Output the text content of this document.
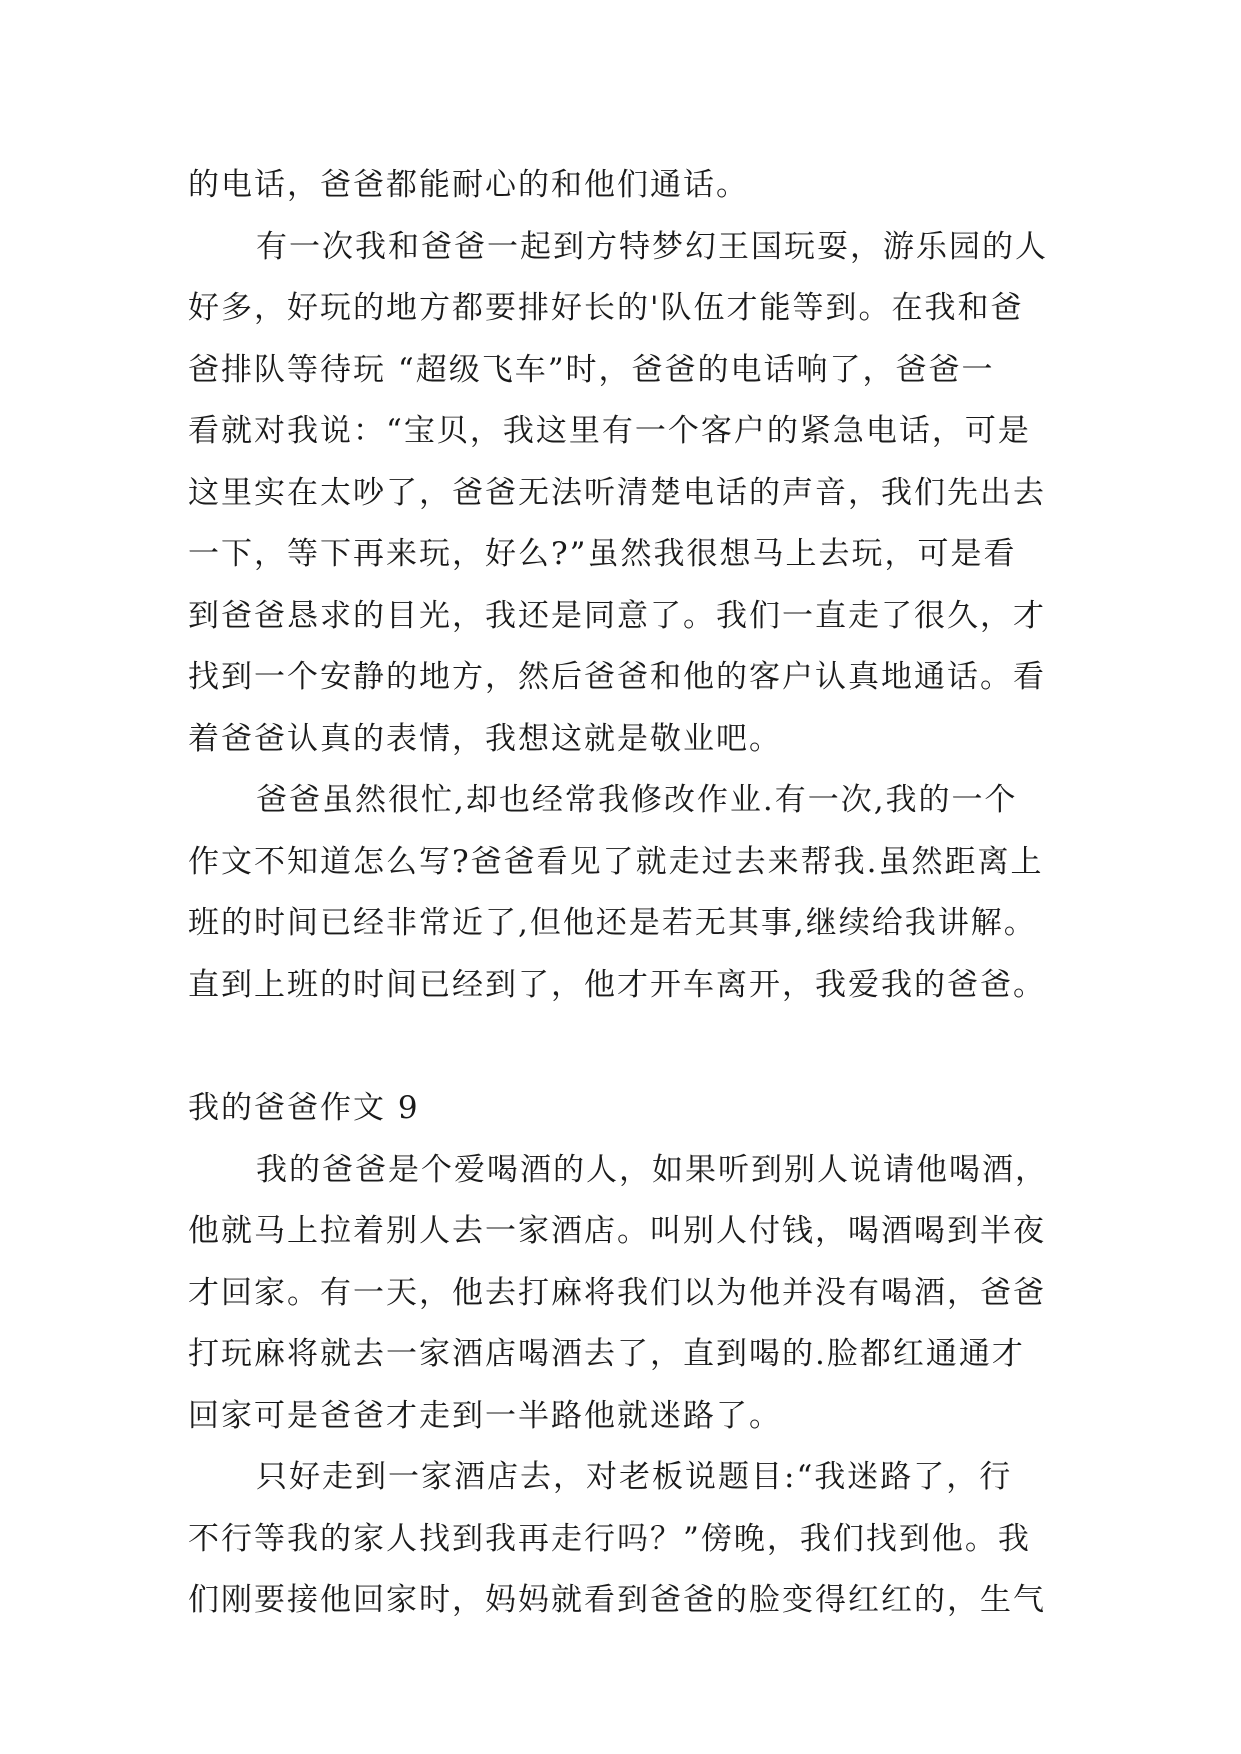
的电话，爸爸都能耐心的和他们通话。
有一次我和爸爸一起到方特梦幻王国玩耍，游乐园的人
好多，好玩的地方都要排好长的'队伍才能等到。在我和爸
爸排队等待玩 “超级飞车”时，爸爸的电话响了，爸爸一
看就对我说：“宝贝，我这里有一个客户的紧急电话，可是
这里实在太吵了，爸爸无法听清楚电话的声音，我们先出去
一下，等下再来玩，好么?”虽然我很想马上去玩，可是看
到爸爸恳求的目光，我还是同意了。我们一直走了很久，才
找到一个安静的地方，然后爸爸和他的客户认真地通话。看
着爸爸认真的表情，我想这就是敬业吧。
爸爸虽然很忙,却也经常我修改作业.有一次,我的一个
作文不知道怎么写?爸爸看见了就走过去来帮我.虽然距离上
班的时间已经非常近了,但他还是若无其事,继续给我讲解。
直到上班的时间已经到了，他才开车离开，我爱我的爸爸。
我的爸爸作文 9
我的爸爸是个爱喝酒的人，如果听到别人说请他喝酒，
他就马上拉着别人去一家酒店。叫别人付钱，喝酒喝到半夜
才回家。有一天，他去打麻将我们以为他并没有喝酒，爸爸
打玩麻将就去一家酒店喝酒去了，直到喝的.脸都红通通才
回家可是爸爸才走到一半路他就迷路了。
只好走到一家酒店去，对老板说题目:“我迷路了，行
不行等我的家人找到我再走行吗？”傍晚，我们找到他。我
们刚要接他回家时，妈妈就看到爸爸的脸变得红红的，生气
